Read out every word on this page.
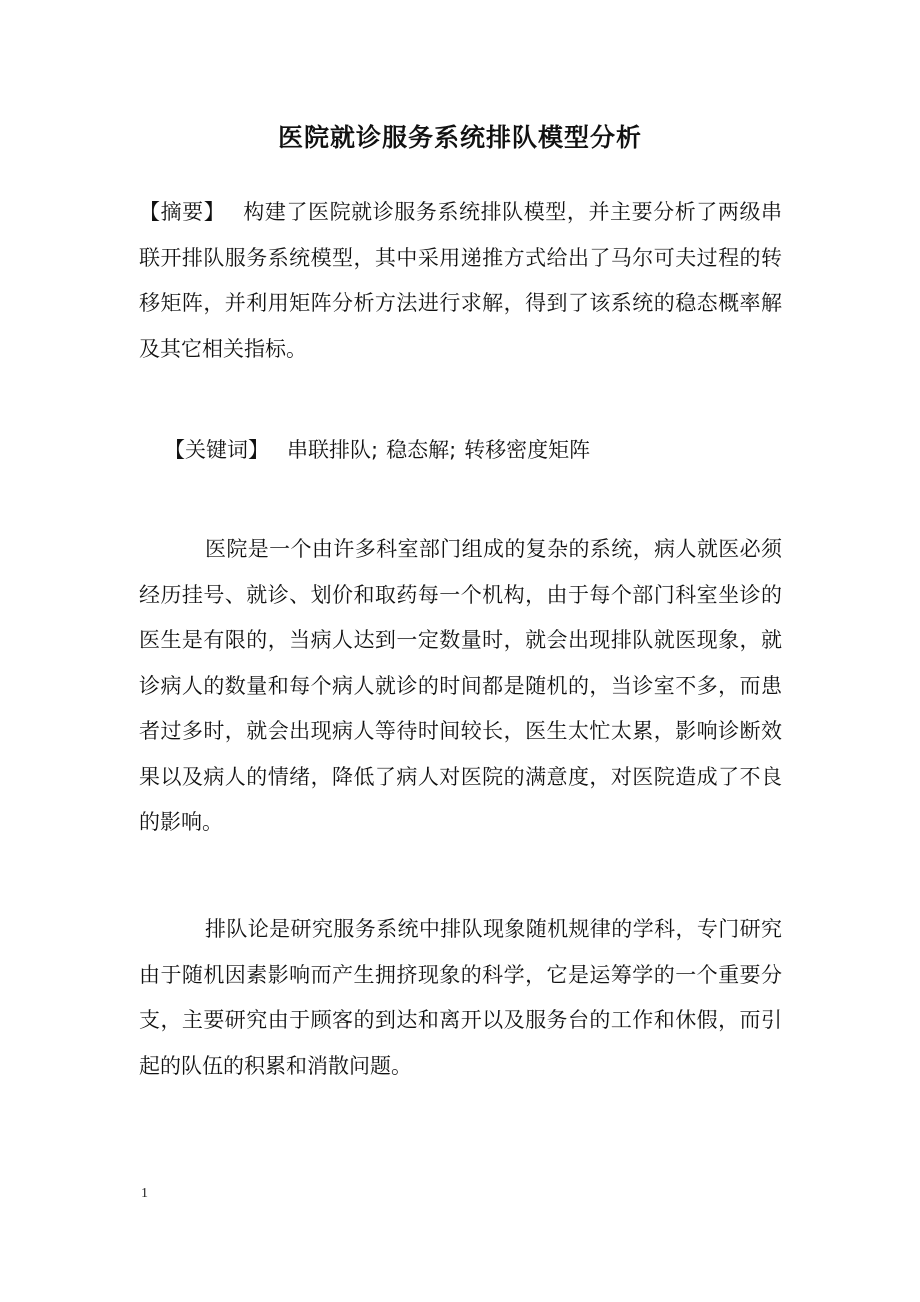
医院就诊服务系统排队模型分析
【摘要】 构建了医院就诊服务系统排队模型，并主要分析了两级串联开排队服务系统模型，其中采用递推方式给出了马尔可夫过程的转移矩阵，并利用矩阵分析方法进行求解，得到了该系统的稳态概率解及其它相关指标。
【关键词】 串联排队; 稳态解; 转移密度矩阵
医院是一个由许多科室部门组成的复杂的系统，病人就医必须经历挂号、就诊、划价和取药每一个机构，由于每个部门科室坐诊的医生是有限的，当病人达到一定数量时，就会出现排队就医现象，就诊病人的数量和每个病人就诊的时间都是随机的，当诊室不多，而患者过多时，就会出现病人等待时间较长，医生太忙太累，影响诊断效果以及病人的情绪，降低了病人对医院的满意度，对医院造成了不良的影响。
排队论是研究服务系统中排队现象随机规律的学科，专门研究由于随机因素影响而产生拥挤现象的科学，它是运筹学的一个重要分支，主要研究由于顾客的到达和离开以及服务台的工作和休假，而引起的队伍的积累和消散问题。
1
